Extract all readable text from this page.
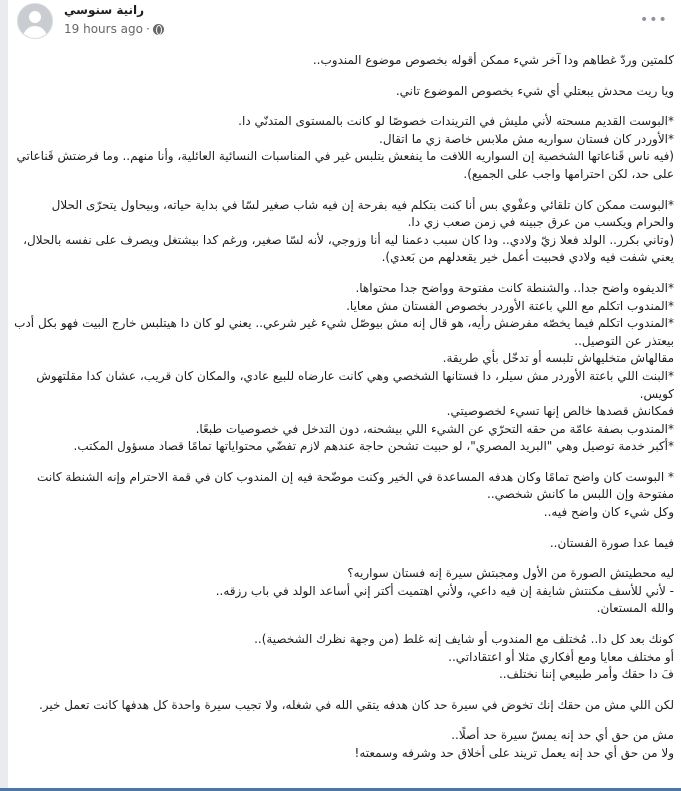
رانية سنوسي
19 hours ago ·
•••
كلمتين وردّ غطاهم ودا آخر شيء ممكن أقوله بخصوص موضوع المندوب..
ويا ريت محدش يبعتلي أي شيء بخصوص الموضوع تاني.
*البوست القديم مسحته لأني مليش في التريندات خصوصًا لو كانت بالمستوى المتدنّي دا.
*الأوردر كان فستان سواريه مش ملابس خاصة زي ما اتقال.
(فيه ناس قَناعاتها الشخصية إن السواريه اللافت ما ينفعش يتلبس غير في المناسبات النسائية العائلية، وأنا منهم.. وما فرضتش قَناعاتي على حد، لكن احترامها واجب على الجميع).
*البوست ممكن كان تلقائي وعفْوي بس أنا كنت بتكلم فيه بفرحة إن فيه شاب صغير لسّا في بداية حياته، وبيحاول يتحرّى الحلال والحرام ويكسب من عرق جبينه في زمن صعب زي دا.
(وتاني بكرر.. الولد فعلا زيّ ولادي.. ودا كان سبب دعمنا ليه أنا وزوجي، لأنه لسّا صغير، ورغم كدا بيشتغل ويصرف على نفسه بالحلال، يعني شفت فيه ولادي فحبيت أعمل خير يقعدلهم من بَعدي).
*الديفوه واضح جدا.. والشنطة كانت مفتوحة وواضح جدا محتواها.
*المندوب اتكلم مع اللي باعتة الأوردر بخصوص الفستان مش معايا.
*المندوب اتكلم فيما يخصّه مفرضش رأيه، هو قال إنه مش بيوصّل شيء غير شرعي.. يعني لو كان دا هيتلبس خارج البيت فهو بكل أدب بيعتذر عن التوصيل..
مقالهاش متخليهاش تلبسه أو تدخّل بأي طريقة.
*البنت اللي باعتة الأوردر مش سيلر، دا فستانها الشخصي وهي كانت عارضاه للبيع عادي، والمكان كان قريب، عشان كدا مقلتهوش كويس.
فمكانش قصدها خالص إنها تسيء لخصوصيتي.
*المندوب بصفة عامّة من حقه التحرّي عن الشيء اللي بيشحنه، دون التدخل في خصوصيات طبعًا.
*أكبر خدمة توصيل وهي "البريد المصري"، لو حبيت تشحن حاجة عندهم لازم تفضّي محتواياتها تمامًا قصاد مسؤول المكتب.
* البوست كان واضح تمامًا وكان هدفه المساعدة في الخير وكنت موضّحة فيه إن المندوب كان في قمة الاحترام وإنه الشنطة كانت مفتوحة وإن اللبس ما كانش شخصي..
وكل شيء كان واضح فيه..
فيما عدا صورة الفستان..
ليه محطيتش الصورة من الأول ومجبتش سيرة إنه فستان سواريه؟
- لأني للأسف مكنتش شايفة إن فيه داعي، ولأني اهتميت أكتر إني أساعد الولد في باب رزقه..
والله المستعان.
كونك بعد كل دا.. مُختلف مع المندوب أو شايف إنه غلط (من وجهة نظرك الشخصية)..
أو مختلف معايا ومع أفكاري مثلا أو اعتقاداتي..
فَ دا حقك وأمر طبيعي إننا نختلف..
لكن اللي مش من حقك إنك تخوض في سيرة حد كان هدفه يتقي الله في شغله، ولا تجيب سيرة واحدة كل هدفها كانت تعمل خير.
مش من حق أي حد إنه يمسّ سيرة حد أصلًا..
ولا من حق أي حد إنه يعمل تريند على أخلاق حد وشرفه وسمعته!
